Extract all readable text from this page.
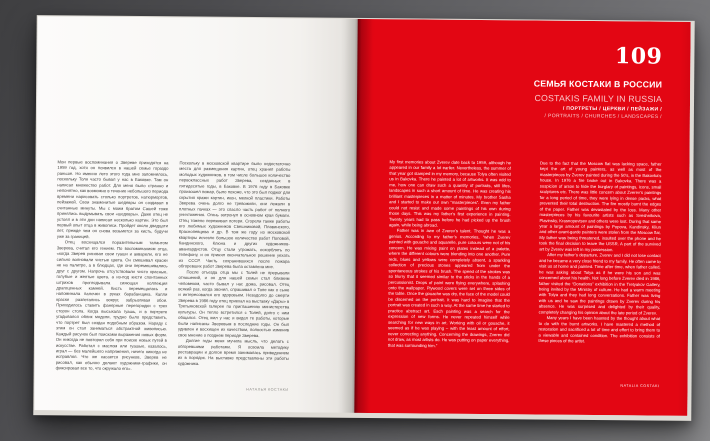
Мои первые воспоминания о Звереве приходятся на 1959 год, хотя он появился в нашей семье гораздо раньше. Но именно лето этого года мне запомнилось, поскольку Толя часто бывал у нас в Баковке. Там он написал множество работ. Для меня было странно и непонятно, как возможно в течение небольшого периода времени нарисовать столько портретов, натюрмортов, пейзажей. Свои знаменитые шедевры он создавал в считанные минуты. Мы с моим братом Сашей тоже принялись выдумывать свои «шедевры». Даже отец не устоял и в эти дни написал несколько картин. Это был первый опыт отца в живописи. Пройдет около двадцати лет, прежде чем он снова возьмется за кисть, будучи уже за границей.

Отец восхищался поразительным талантом Зверева, считал его гением. По воспоминаниям отца, «когда Зверев рисовал свои гуаши и акварели, его не сильно волновали чистые цвета. Он смешивал краски не на палитре, а в блюдцах, где они перемешивались друг с другом. Напрочь отсутствовали чисто красные, голубые и желтые цвета, а из-под кисти спонтанных штрихов проглядывала сияющая коллекция драгоценных камней. Кисть перемещалась и напоминала палочки в руках барабанщика. Капли краски разлетались вокруг, забрызгивая обои. Приходилось ставить фанерные перегородки с трех сторон стола. Когда высыхала гуашь, и в портрете угадывался облик модели, трудно было представить, что портрет был создан подобным образом. Наряду с этим он стал заниматься абстрактной живописью. Каждый рисунок был поисками выражения новых форм. Он никогда не повторял себя при поиске новых путей в искусстве. Работал с маслом или гуашью, казалось, играл — без малейшего напряжения, ничего никогда не исправлял. Что же касается рисунков, Зверев не рисовал, как обычно делают художники-графики, он фиксировал все то, что окружало его».

Поскольку в московской квартире было недостаточно места для размещения картин, отец хранил работы молодых художников, в том числе большое количество первоклассных работ Зверева, созданных в пятидесятые годы, в Баковке. В 1976 году в Баковке произошел пожар, было похоже, что это был поджог для скрытия кражи картин, икон, мелкой пластики. Работы Зверева очень долго не тревожили, они лежали в плотных пачках — это спасло часть работ от полного уничтожения. Огонь затронул в основном края бумаги. Отец тяжело переживал потери. Сгорели также работы его любимых художников Свешниковой, Плавинского, Краснопевцева и др. В том же году из московской квартиры исчезло большое количество работ Поповой, Кандинского, Клюна и других художников-авангардистов. Отцу стали угрожать, оскорблять по телефону, и он принял окончательное решение уехать из СССР. Часть сохранившихся после пожара обгоревших работ Зверева была оставлена мне.

После отъезда отца мы с Толей не прерывали отношений, и он для нашей семьи стал близким человеком, часто бывал у нас дома, рисовал. Отец всякий раз, когда звонил, спрашивал о Толе как о сыне и интересовался его здоровьем. Незадолго до смерти Зверева в 1986 году отец приехал на выставку «Дары» в Третьяковской галерее по приглашению министерства культуры. Он тепло встретился с Толей, долго с ним общался. Отец жил у нас и видел те работы, которые были написаны Зверевым в последние годы. Он был удивлен и восхищен их качеством, полностью изменив свое мнение о позднем периоде Зверева.

Долгие годы меня мучила мысль, что делать с обгоревшими работами. Я освоила методику реставрации и долгое время занималась приведением их в порядок. На выставке представлены эти работы художника.

НАТАЛЬЯ КОСТАКИ
109
СЕМЬЯ КОСТАКИ В РОССИИ
COSTAKIS FAMILY IN RUSSIA
/ ПОРТРЕТЫ / ЦЕРКВИ / ПЕЙЗАЖИ /
/ PORTRAITS / CHURCHES / LANDSCAPES /

My first memories about Zverev date back to 1959, although he appeared in our family a lot earlier. Nevertheless, the summer of that year got stamped in my memory, because Tolya often visited us in Bakovka. There he painted a lot of artworks. It was odd to me, how one can draw such a quantity of portraits, still lifes, landscapes in such a short amount of time. He was creating his brilliant masterpieces in a matter of minutes. My brother Sasha and I started to make our own “masterpieces”. Even my father could not resist and made some paintings of his own during those days. This was my father’s first experience in painting. Twenty years had to pass before he had picked up the brush again, while being abroad.

Father was in awe of Zverev’s talent. Thought he was a genius. According to my father’s memories, “when Zverev painted with gouache and aquarelle, pure colours were not of his concern. He was mixing paint on plates instead of a palette, where the different colours were blending into one another. Pure reds, blues and yellows were completely absent, a sparkling collection of precious stones appeared from under the spontaneous strokes of his brush. The speed of the strokes was so blurry that it seemed similar to the sticks in the hands of a percussionist. Drops of paint were flying everywhere, splashing onto the wallpaper. Plywood covers were set on three sides of the table. Once the gouache was dry, the face of the model could be discerned on the portrait. It was hard to imagine that the portrait was created in such a way. At the same time he started to practice abstract art. Each painting was a search for the expression of new forms. He never repeated himself while searching for new ways in art. Working with oil or gouache, it seemed as if he was playing – with the least amount of effort, never correcting anything. Concerning the drawings, Zverev did not draw, as most artists do. He was putting on paper everything, that was surrounding him.”

Due to the fact that the Moscow flat was lacking space, father kept the art of young painters, as well as most of the masterpieces by Zverev painted during the 50’s, in the Bakovka’s house. In 1976 a fire broke out in Bakovka. There was a suspicion of arson to hide the burglary of paintings, icons, small sculptures etc. There was little concern about Zverev’s paintings for a long period of time, they were lying in dense packs, what prevented their total destruction. The fire mostly burnt the edges of the paper. Father was devastated by the loss. Many other masterpieces by his favourite artists such as Sveshnikova, Plavinsky, Krasnopevtsev and others were lost. During that same year a large amount of paintings by Popova, Kandinsky, Kliun and other avant-garde painters were stolen from the Moscow flat. My father was being threatened, insulted over the phone and he took the final decision to leave the USSR. A part of the survived art by Zverev was left in my possession.

After my father’s departure, Zverev and I did not lose contact and he became a very close friend to my family. He often came to visit us at home and painted. Time after time, when father called, he was asking about Tolya as if he were his son and was concerned about his health. Not long before Zverev died in 1986, father visited the “Donations” exhibition in the Tretyakov Gallery, being invited by the Ministry of culture. He had a warm meeting with Tolya and they had long conversations. Father was living with us and he saw the paintings drawn by Zverev during his absence. He was surprised and delighted by their quality, completely changing his opinion about the late period of Zverev.

Many years I have been haunted by the thought about what to do with the burnt artworks. I have mastered a method of restoration and sacrificed a lot of time and effort to bring them to a viewable and contained condition. The exhibition consists of these pieces of the artist.

NATALIA COSTAKI
